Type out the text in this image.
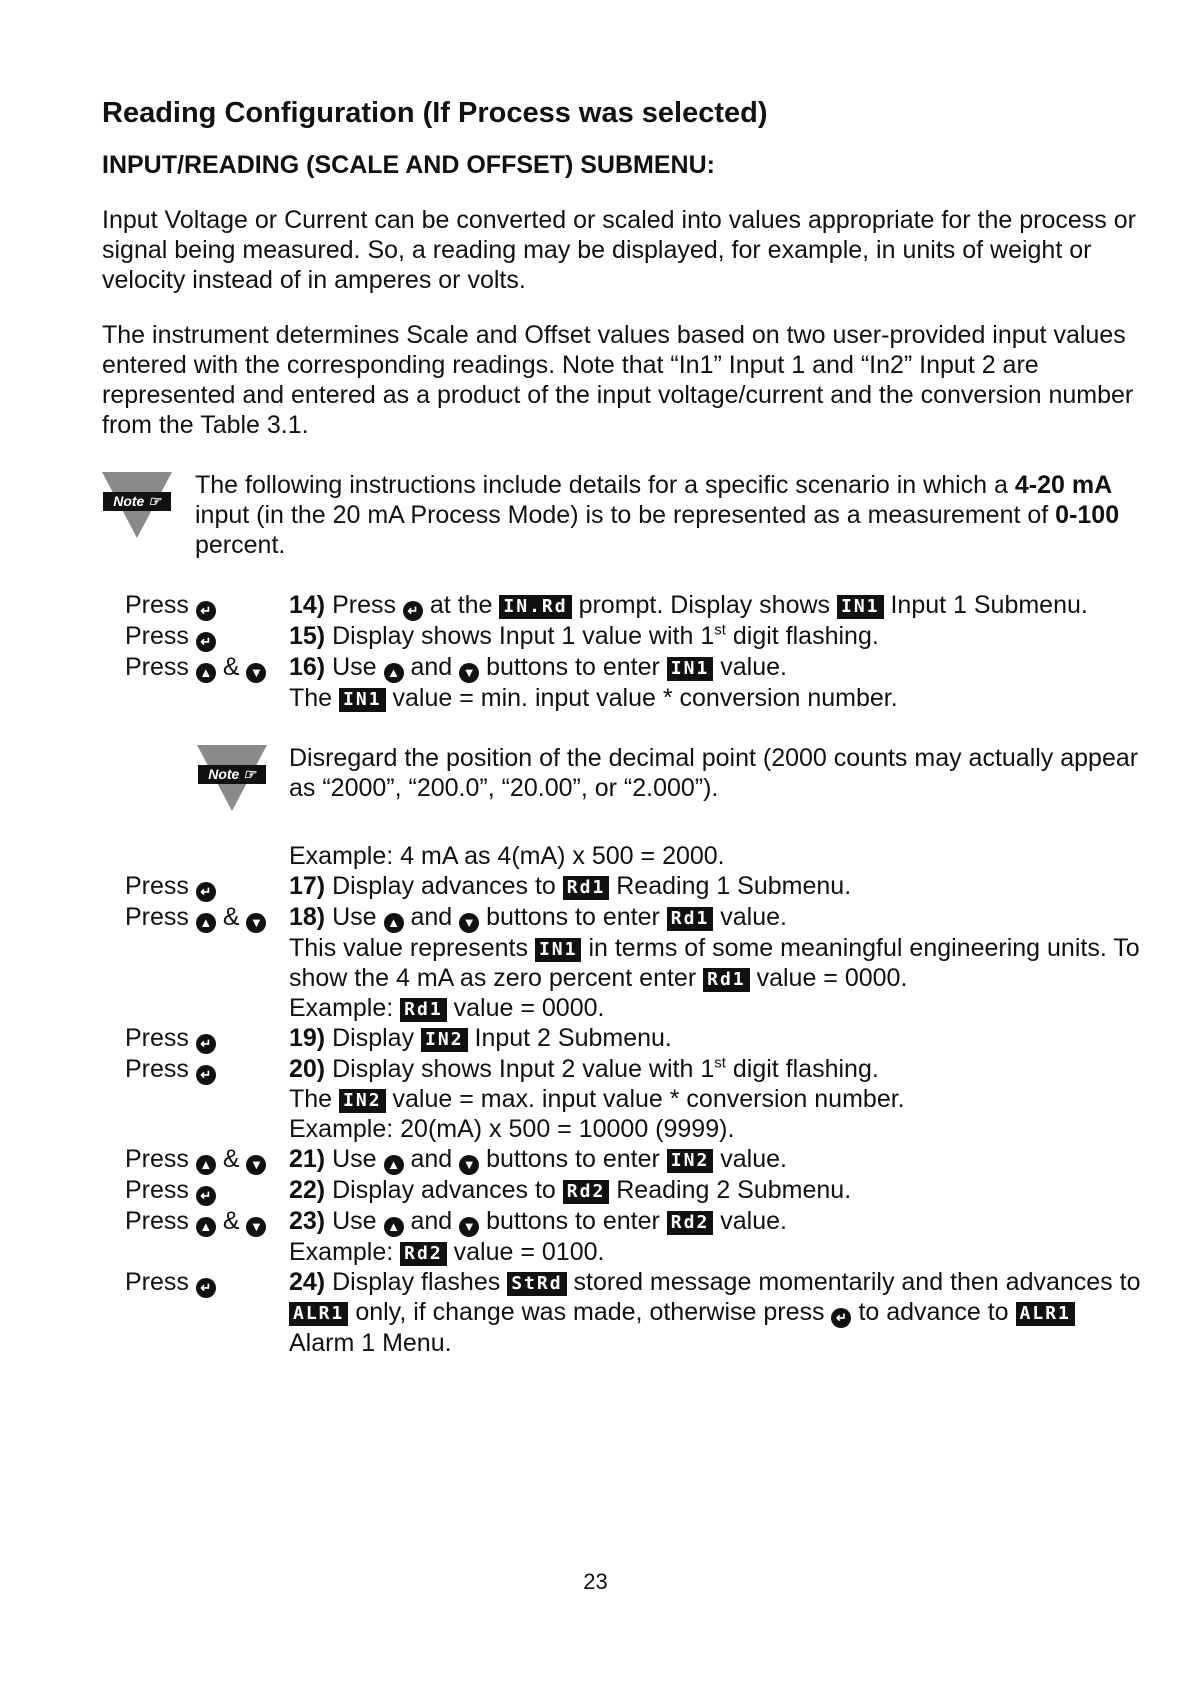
Reading Configuration (If Process was selected)
INPUT/READING (SCALE AND OFFSET) SUBMENU:

Input Voltage or Current can be converted or scaled into values appropriate for the process or signal being measured. So, a reading may be displayed, for example, in units of weight or velocity instead of in amperes or volts.

The instrument determines Scale and Offset values based on two user-provided input values entered with the corresponding readings. Note that “In1” Input 1 and “In2” Input 2 are represented and entered as a product of the input voltage/current and the conversion number from the Table 3.1.

Note ☞
The following instructions include details for a specific scenario in which a 4-20 mA input (in the 20 mA Process Mode) is to be represented as a measurement of 0-100 percent.
Press ↵	14) Press ↵ at the IN.Rd prompt. Display shows IN1 Input 1 Submenu.
Press ↵	15) Display shows Input 1 value with 1st digit flashing.
Press ▲ & ▼	16) Use ▲ and ▼ buttons to enter IN1 value.
The IN1 value = min. input value * conversion number.
Note ☞
Disregard the position of the decimal point (2000 counts may actually appear as “2000”, “200.0”, “20.00”, or “2.000”).
Example: 4 mA as 4(mA) x 500 = 2000.
Press ↵	17) Display advances to Rd1 Reading 1 Submenu.
Press ▲ & ▼	18) Use ▲ and ▼ buttons to enter Rd1 value.
This value represents IN1 in terms of some meaningful engineering units. To show the 4 mA as zero percent enter Rd1 value = 0000.
Example: Rd1 value = 0000.
Press ↵	19) Display IN2 Input 2 Submenu.
Press ↵	20) Display shows Input 2 value with 1st digit flashing.
The IN2 value = max. input value * conversion number.
Example: 20(mA) x 500 = 10000 (9999).
Press ▲ & ▼	21) Use ▲ and ▼ buttons to enter IN2 value.
Press ↵	22) Display advances to Rd2 Reading 2 Submenu.
Press ▲ & ▼	23) Use ▲ and ▼ buttons to enter Rd2 value.
Example: Rd2 value = 0100.
Press ↵	24) Display flashes StRd stored message momentarily and then advances to ALR1 only, if change was made, otherwise press ↵ to advance to ALR1 Alarm 1 Menu.
23
